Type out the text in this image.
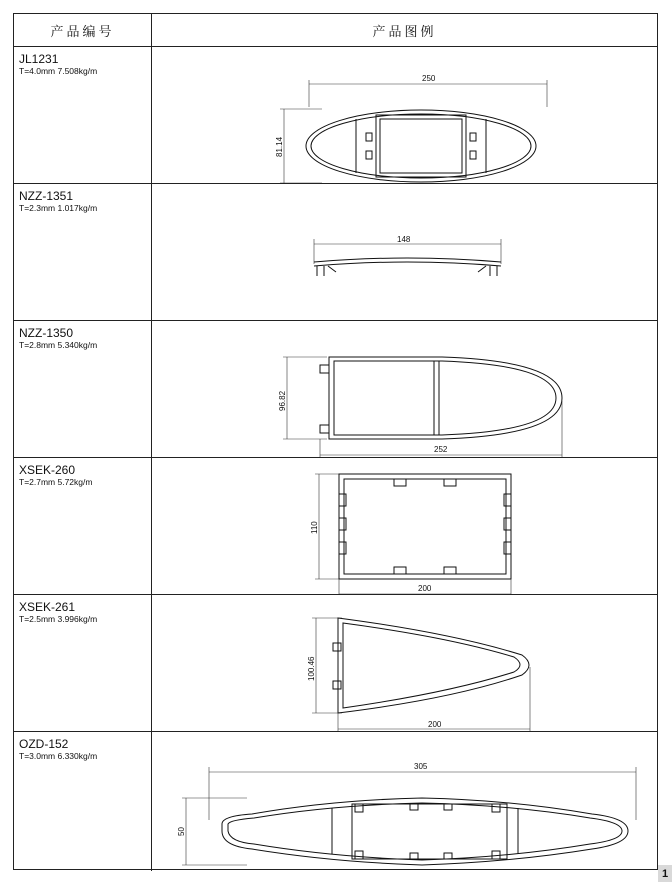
产品编号	产品图例
JL1231
T=4.0mm 7.508kg/m
250
81.14
NZZ-1351
T=2.3mm 1.017kg/m
148
NZZ-1350
T=2.8mm 5.340kg/m
96.82
252
XSEK-260
T=2.7mm 5.72kg/m
110
200
XSEK-261
T=2.5mm 3.996kg/m
100.46
200
OZD-152
T=3.0mm 6.330kg/m
305
50
1
